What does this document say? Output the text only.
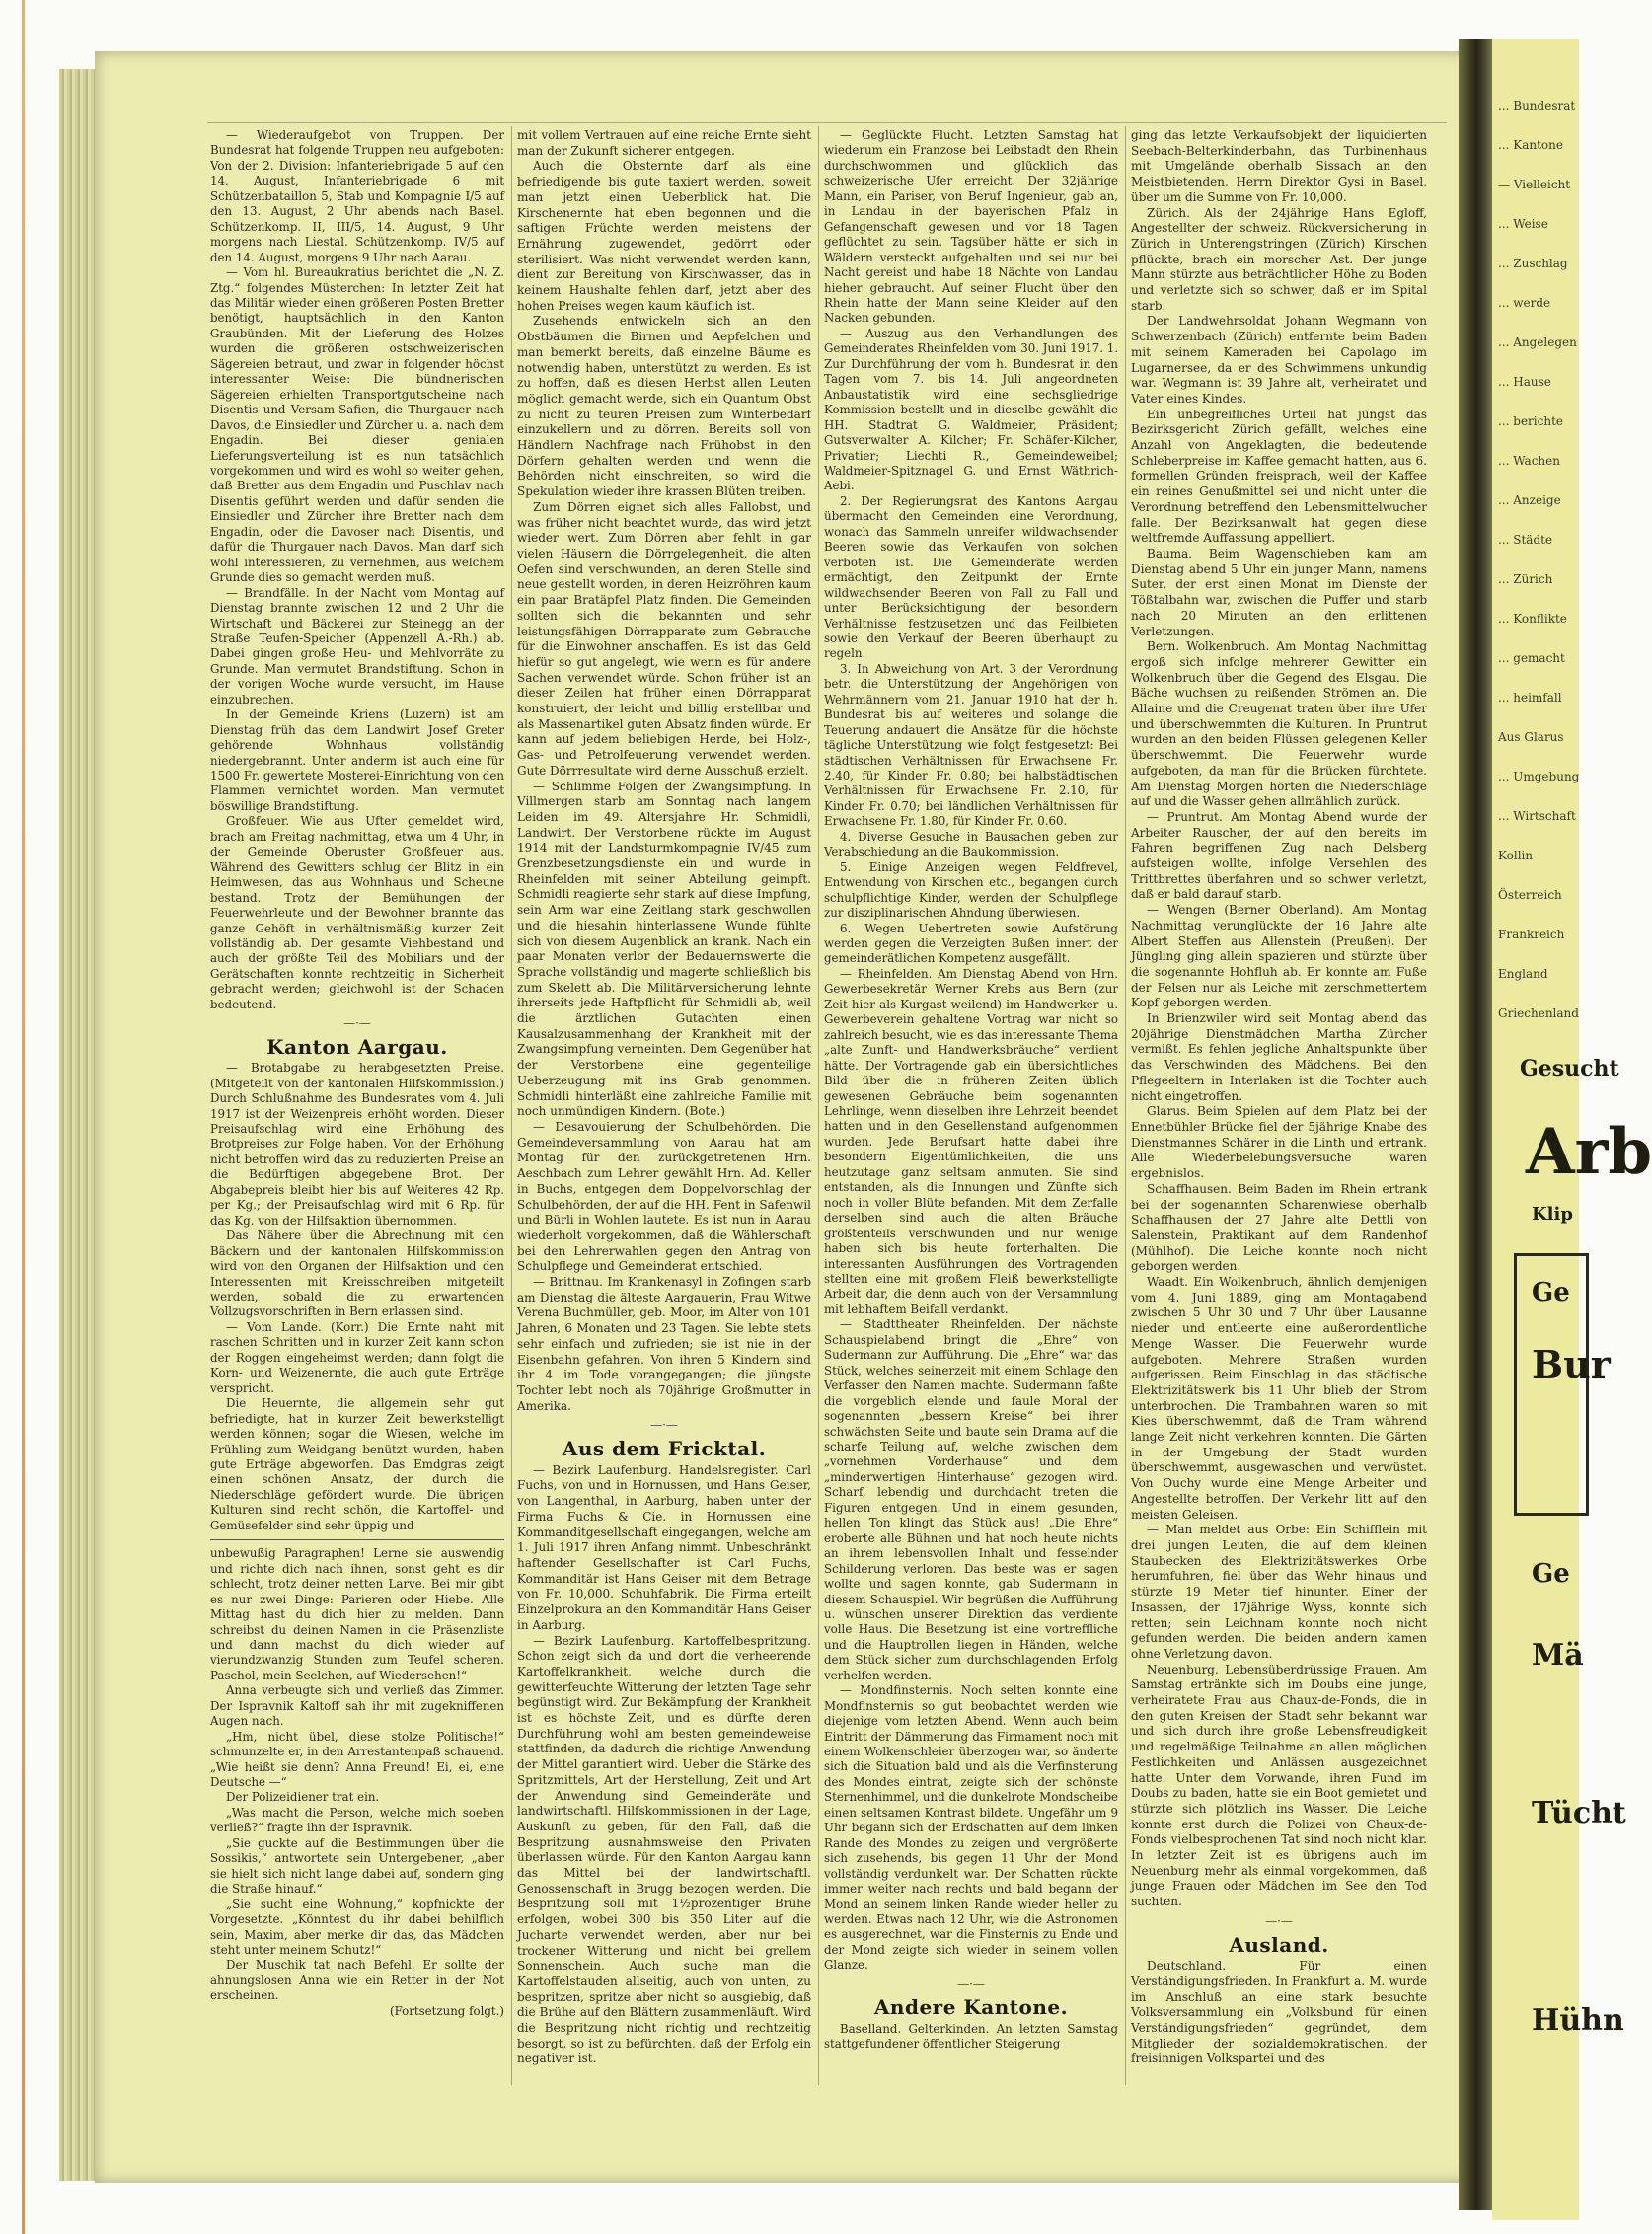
— Wiederaufgebot von Truppen. Der Bundesrat hat folgende Truppen neu aufgeboten: Von der 2. Division: Infanteriebrigade 5 auf den 14. August, Infanteriebrigade 6 mit Schützenbataillon 5, Stab und Kompagnie I/5 auf den 13. August, 2 Uhr abends nach Basel. Schützenkomp. II, III/5, 14. August, 9 Uhr morgens nach Liestal. Schützenkomp. IV/5 auf den 14. August, morgens 9 Uhr nach Aarau.

— Vom hl. Bureaukratius berichtet die „N. Z. Ztg.“ folgendes Müsterchen: In letzter Zeit hat das Militär wieder einen größeren Posten Bretter benötigt, hauptsächlich in den Kanton Graubünden. Mit der Lieferung des Holzes wurden die größeren ostschweizerischen Sägereien betraut, und zwar in folgender höchst interessanter Weise: Die bündnerischen Sägereien erhielten Transportgutscheine nach Disentis und Versam-Safien, die Thurgauer nach Davos, die Einsiedler und Zürcher u. a. nach dem Engadin. Bei dieser genialen Lieferungsverteilung ist es nun tatsächlich vorgekommen und wird es wohl so weiter gehen, daß Bretter aus dem Engadin und Puschlav nach Disentis geführt werden und dafür senden die Einsiedler und Zürcher ihre Bretter nach dem Engadin, oder die Davoser nach Disentis, und dafür die Thurgauer nach Davos. Man darf sich wohl interessieren, zu vernehmen, aus welchem Grunde dies so gemacht werden muß.

— Brandfälle. In der Nacht vom Montag auf Dienstag brannte zwischen 12 und 2 Uhr die Wirtschaft und Bäckerei zur Steinegg an der Straße Teufen-Speicher (Appenzell A.-Rh.) ab. Dabei gingen große Heu- und Mehlvorräte zu Grunde. Man vermutet Brandstiftung. Schon in der vorigen Woche wurde versucht, im Hause einzubrechen.

In der Gemeinde Kriens (Luzern) ist am Dienstag früh das dem Landwirt Josef Greter gehörende Wohnhaus vollständig niedergebrannt. Unter anderm ist auch eine für 1500 Fr. gewertete Mosterei-Einrichtung von den Flammen vernichtet worden. Man vermutet böswillige Brandstiftung.

Großfeuer. Wie aus Ufter gemeldet wird, brach am Freitag nachmittag, etwa um 4 Uhr, in der Gemeinde Oberuster Großfeuer aus. Während des Gewitters schlug der Blitz in ein Heimwesen, das aus Wohnhaus und Scheune bestand. Trotz der Bemühungen der Feuerwehrleute und der Bewohner brannte das ganze Gehöft in verhältnismäßig kurzer Zeit vollständig ab. Der gesamte Viehbestand und auch der größte Teil des Mobiliars und der Gerätschaften konnte rechtzeitig in Sicherheit gebracht werden; gleichwohl ist der Schaden bedeutend.

—·—
Kanton Aargau.

— Brotabgabe zu herabgesetzten Preise. (Mitgeteilt von der kantonalen Hilfskommission.) Durch Schlußnahme des Bundesrates vom 4. Juli 1917 ist der Weizenpreis erhöht worden. Dieser Preisaufschlag wird eine Erhöhung des Brotpreises zur Folge haben. Von der Erhöhung nicht betroffen wird das zu reduzierten Preise an die Bedürftigen abgegebene Brot. Der Abgabepreis bleibt hier bis auf Weiteres 42 Rp. per Kg.; der Preisaufschlag wird mit 6 Rp. für das Kg. von der Hilfsaktion übernommen.

Das Nähere über die Abrechnung mit den Bäckern und der kantonalen Hilfskommission wird von den Organen der Hilfsaktion und den Interessenten mit Kreisschreiben mitgeteilt werden, sobald die zu erwartenden Vollzugsvorschriften in Bern erlassen sind.

— Vom Lande. (Korr.) Die Ernte naht mit raschen Schritten und in kurzer Zeit kann schon der Roggen eingeheimst werden; dann folgt die Korn- und Weizenernte, die auch gute Erträge verspricht.

Die Heuernte, die allgemein sehr gut befriedigte, hat in kurzer Zeit bewerkstelligt werden können; sogar die Wiesen, welche im Frühling zum Weidgang benützt wurden, haben gute Erträge abgeworfen. Das Emdgras zeigt einen schönen Ansatz, der durch die Niederschläge gefördert wurde. Die übrigen Kulturen sind recht schön, die Kartoffel- und Gemüsefelder sind sehr üppig und

unbewußig Paragraphen! Lerne sie auswendig und richte dich nach ihnen, sonst geht es dir schlecht, trotz deiner netten Larve. Bei mir gibt es nur zwei Dinge: Parieren oder Hiebe. Alle Mittag hast du dich hier zu melden. Dann schreibst du deinen Namen in die Präsenzliste und dann machst du dich wieder auf vierundzwanzig Stunden zum Teufel scheren. Paschol, mein Seelchen, auf Wiedersehen!“

Anna verbeugte sich und verließ das Zimmer. Der Ispravnik Kaltoff sah ihr mit zugekniffenen Augen nach.

„Hm, nicht übel, diese stolze Politische!“ schmunzelte er, in den Arrestantenpaß schauend. „Wie heißt sie denn? Anna Freund! Ei, ei, eine Deutsche —“

Der Polizeidiener trat ein.

„Was macht die Person, welche mich soeben verließ?“ fragte ihn der Ispravnik.

„Sie guckte auf die Bestimmungen über die Sossikis,“ antwortete sein Untergebener, „aber sie hielt sich nicht lange dabei auf, sondern ging die Straße hinauf.“

„Sie sucht eine Wohnung,“ kopfnickte der Vorgesetzte. „Könntest du ihr dabei behilflich sein, Maxim, aber merke dir das, das Mädchen steht unter meinem Schutz!“

Der Muschik tat nach Befehl. Er sollte der ahnungslosen Anna wie ein Retter in der Not erscheinen.

(Fortsetzung folgt.)

mit vollem Vertrauen auf eine reiche Ernte sieht man der Zukunft sicherer entgegen.

Auch die Obsternte darf als eine befriedigende bis gute taxiert werden, soweit man jetzt einen Ueberblick hat. Die Kirschenernte hat eben begonnen und die saftigen Früchte werden meistens der Ernährung zugewendet, gedörrt oder sterilisiert. Was nicht verwendet werden kann, dient zur Bereitung von Kirschwasser, das in keinem Haushalte fehlen darf, jetzt aber des hohen Preises wegen kaum käuflich ist.

Zusehends entwickeln sich an den Obstbäumen die Birnen und Aepfelchen und man bemerkt bereits, daß einzelne Bäume es notwendig haben, unterstützt zu werden. Es ist zu hoffen, daß es diesen Herbst allen Leuten möglich gemacht werde, sich ein Quantum Obst zu nicht zu teuren Preisen zum Winterbedarf einzukellern und zu dörren. Bereits soll von Händlern Nachfrage nach Frühobst in den Dörfern gehalten werden und wenn die Behörden nicht einschreiten, so wird die Spekulation wieder ihre krassen Blüten treiben.

Zum Dörren eignet sich alles Fallobst, und was früher nicht beachtet wurde, das wird jetzt wieder wert. Zum Dörren aber fehlt in gar vielen Häusern die Dörrgelegenheit, die alten Oefen sind verschwunden, an deren Stelle sind neue gestellt worden, in deren Heizröhren kaum ein paar Bratäpfel Platz finden. Die Gemeinden sollten sich die bekannten und sehr leistungsfähigen Dörrapparate zum Gebrauche für die Einwohner anschaffen. Es ist das Geld hiefür so gut angelegt, wie wenn es für andere Sachen verwendet würde. Schon früher ist an dieser Zeilen hat früher einen Dörrapparat konstruiert, der leicht und billig erstellbar und als Massenartikel guten Absatz finden würde. Er kann auf jedem beliebigen Herde, bei Holz-, Gas- und Petrolfeuerung verwendet werden. Gute Dörrresultate wird derne Ausschuß erzielt.

— Schlimme Folgen der Zwangsimpfung. In Villmergen starb am Sonntag nach langem Leiden im 49. Altersjahre Hr. Schmidli, Landwirt. Der Verstorbene rückte im August 1914 mit der Landsturmkompagnie IV/45 zum Grenzbesetzungsdienste ein und wurde in Rheinfelden mit seiner Abteilung geimpft. Schmidli reagierte sehr stark auf diese Impfung, sein Arm war eine Zeitlang stark geschwollen und die hiesahin hinterlassene Wunde fühlte sich von diesem Augenblick an krank. Nach ein paar Monaten verlor der Bedauernswerte die Sprache vollständig und magerte schließlich bis zum Skelett ab. Die Militärversicherung lehnte ihrerseits jede Haftpflicht für Schmidli ab, weil die ärztlichen Gutachten einen Kausalzusammenhang der Krankheit mit der Zwangsimpfung verneinten. Dem Gegenüber hat der Verstorbene eine gegenteilige Ueberzeugung mit ins Grab genommen. Schmidli hinterläßt eine zahlreiche Familie mit noch unmündigen Kindern. (Bote.)

— Desavouierung der Schulbehörden. Die Gemeindeversammlung von Aarau hat am Montag für den zurückgetretenen Hrn. Aeschbach zum Lehrer gewählt Hrn. Ad. Keller in Buchs, entgegen dem Doppelvorschlag der Schulbehörden, der auf die HH. Fent in Safenwil und Bürli in Wohlen lautete. Es ist nun in Aarau wiederholt vorgekommen, daß die Wählerschaft bei den Lehrerwahlen gegen den Antrag von Schulpflege und Gemeinderat entschied.

— Brittnau. Im Krankenasyl in Zofingen starb am Dienstag die älteste Aargauerin, Frau Witwe Verena Buchmüller, geb. Moor, im Alter von 101 Jahren, 6 Monaten und 23 Tagen. Sie lebte stets sehr einfach und zufrieden; sie ist nie in der Eisenbahn gefahren. Von ihren 5 Kindern sind ihr 4 im Tode vorangegangen; die jüngste Tochter lebt noch als 70jährige Großmutter in Amerika.

—·—
Aus dem Fricktal.

— Bezirk Laufenburg. Handelsregister. Carl Fuchs, von und in Hornussen, und Hans Geiser, von Langenthal, in Aarburg, haben unter der Firma Fuchs & Cie. in Hornussen eine Kommanditgesellschaft eingegangen, welche am 1. Juli 1917 ihren Anfang nimmt. Unbeschränkt haftender Gesellschafter ist Carl Fuchs, Kommanditär ist Hans Geiser mit dem Betrage von Fr. 10,000. Schuhfabrik. Die Firma erteilt Einzelprokura an den Kommanditär Hans Geiser in Aarburg.

— Bezirk Laufenburg. Kartoffelbespritzung. Schon zeigt sich da und dort die verheerende Kartoffelkrankheit, welche durch die gewitterfeuchte Witterung der letzten Tage sehr begünstigt wird. Zur Bekämpfung der Krankheit ist es höchste Zeit, und es dürfte deren Durchführung wohl am besten gemeindeweise stattfinden, da dadurch die richtige Anwendung der Mittel garantiert wird. Ueber die Stärke des Spritzmittels, Art der Herstellung, Zeit und Art der Anwendung sind Gemeinderäte und landwirtschaftl. Hilfskommissionen in der Lage, Auskunft zu geben, für den Fall, daß die Bespritzung ausnahmsweise den Privaten überlassen würde. Für den Kanton Aargau kann das Mittel bei der landwirtschaftl. Genossenschaft in Brugg bezogen werden. Die Bespritzung soll mit 1½prozentiger Brühe erfolgen, wobei 300 bis 350 Liter auf die Jucharte verwendet werden, aber nur bei trockener Witterung und nicht bei grellem Sonnenschein. Auch suche man die Kartoffelstauden allseitig, auch von unten, zu bespritzen, spritze aber nicht so ausgiebig, daß die Brühe auf den Blättern zusammenläuft. Wird die Bespritzung nicht richtig und rechtzeitig besorgt, so ist zu befürchten, daß der Erfolg ein negativer ist.

— Geglückte Flucht. Letzten Samstag hat wiederum ein Franzose bei Leibstadt den Rhein durchschwommen und glücklich das schweizerische Ufer erreicht. Der 32jährige Mann, ein Pariser, von Beruf Ingenieur, gab an, in Landau in der bayerischen Pfalz in Gefangenschaft gewesen und vor 18 Tagen geflüchtet zu sein. Tagsüber hätte er sich in Wäldern versteckt aufgehalten und sei nur bei Nacht gereist und habe 18 Nächte von Landau hieher gebraucht. Auf seiner Flucht über den Rhein hatte der Mann seine Kleider auf den Nacken gebunden.

— Auszug aus den Verhandlungen des Gemeinderates Rheinfelden vom 30. Juni 1917. 1. Zur Durchführung der vom h. Bundesrat in den Tagen vom 7. bis 14. Juli angeordneten Anbaustatistik wird eine sechsgliedrige Kommission bestellt und in dieselbe gewählt die HH. Stadtrat G. Waldmeier, Präsident; Gutsverwalter A. Kilcher; Fr. Schäfer-Kilcher, Privatier; Liechti R., Gemeindeweibel; Waldmeier-Spitznagel G. und Ernst Wäthrich-Aebi.

2. Der Regierungsrat des Kantons Aargau übermacht den Gemeinden eine Verordnung, wonach das Sammeln unreifer wildwachsender Beeren sowie das Verkaufen von solchen verboten ist. Die Gemeinderäte werden ermächtigt, den Zeitpunkt der Ernte wildwachsender Beeren von Fall zu Fall und unter Berücksichtigung der besondern Verhältnisse festzusetzen und das Feilbieten sowie den Verkauf der Beeren überhaupt zu regeln.

3. In Abweichung von Art. 3 der Verordnung betr. die Unterstützung der Angehörigen von Wehrmännern vom 21. Januar 1910 hat der h. Bundesrat bis auf weiteres und solange die Teuerung andauert die Ansätze für die höchste tägliche Unterstützung wie folgt festgesetzt: Bei städtischen Verhältnissen für Erwachsene Fr. 2.40, für Kinder Fr. 0.80; bei halbstädtischen Verhältnissen für Erwachsene Fr. 2.10, für Kinder Fr. 0.70; bei ländlichen Verhältnissen für Erwachsene Fr. 1.80, für Kinder Fr. 0.60.

4. Diverse Gesuche in Bausachen geben zur Verabschiedung an die Baukommission.

5. Einige Anzeigen wegen Feldfrevel, Entwendung von Kirschen etc., begangen durch schulpflichtige Kinder, werden der Schulpflege zur disziplinarischen Ahndung überwiesen.

6. Wegen Uebertreten sowie Aufstörung werden gegen die Verzeigten Bußen innert der gemeinderätlichen Kompetenz ausgefällt.

— Rheinfelden. Am Dienstag Abend von Hrn. Gewerbesekretär Werner Krebs aus Bern (zur Zeit hier als Kurgast weilend) im Handwerker- u. Gewerbeverein gehaltene Vortrag war nicht so zahlreich besucht, wie es das interessante Thema „alte Zunft- und Handwerksbräuche“ verdient hätte. Der Vortragende gab ein übersichtliches Bild über die in früheren Zeiten üblich gewesenen Gebräuche beim sogenannten Lehrlinge, wenn dieselben ihre Lehrzeit beendet hatten und in den Gesellenstand aufgenommen wurden. Jede Berufsart hatte dabei ihre besondern Eigentümlichkeiten, die uns heutzutage ganz seltsam anmuten. Sie sind entstanden, als die Innungen und Zünfte sich noch in voller Blüte befanden. Mit dem Zerfalle derselben sind auch die alten Bräuche größtenteils verschwunden und nur wenige haben sich bis heute forterhalten. Die interessanten Ausführungen des Vortragenden stellten eine mit großem Fleiß bewerkstelligte Arbeit dar, die denn auch von der Versammlung mit lebhaftem Beifall verdankt.

— Stadttheater Rheinfelden. Der nächste Schauspielabend bringt die „Ehre“ von Sudermann zur Aufführung. Die „Ehre“ war das Stück, welches seinerzeit mit einem Schlage den Verfasser den Namen machte. Sudermann faßte die vorgeblich elende und faule Moral der sogenannten „bessern Kreise“ bei ihrer schwächsten Seite und baute sein Drama auf die scharfe Teilung auf, welche zwischen dem „vornehmen Vorderhause“ und dem „minderwertigen Hinterhause“ gezogen wird. Scharf, lebendig und durchdacht treten die Figuren entgegen. Und in einem gesunden, hellen Ton klingt das Stück aus! „Die Ehre“ eroberte alle Bühnen und hat noch heute nichts an ihrem lebensvollen Inhalt und fesselnder Schilderung verloren. Das beste was er sagen wollte und sagen konnte, gab Sudermann in diesem Schauspiel. Wir begrüßen die Aufführung u. wünschen unserer Direktion das verdiente volle Haus. Die Besetzung ist eine vortreffliche und die Hauptrollen liegen in Händen, welche dem Stück sicher zum durchschlagenden Erfolg verhelfen werden.

— Mondfinsternis. Noch selten konnte eine Mondfinsternis so gut beobachtet werden wie diejenige vom letzten Abend. Wenn auch beim Eintritt der Dämmerung das Firmament noch mit einem Wolkenschleier überzogen war, so änderte sich die Situation bald und als die Verfinsterung des Mondes eintrat, zeigte sich der schönste Sternenhimmel, und die dunkelrote Mondscheibe einen seltsamen Kontrast bildete. Ungefähr um 9 Uhr begann sich der Erdschatten auf dem linken Rande des Mondes zu zeigen und vergrößerte sich zusehends, bis gegen 11 Uhr der Mond vollständig verdunkelt war. Der Schatten rückte immer weiter nach rechts und bald begann der Mond an seinem linken Rande wieder heller zu werden. Etwas nach 12 Uhr, wie die Astronomen es ausgerechnet, war die Finsternis zu Ende und der Mond zeigte sich wieder in seinem vollen Glanze.

—·—
Andere Kantone.

Baselland. Gelterkinden. An letzten Samstag stattgefundener öffentlicher Steigerung

ging das letzte Verkaufsobjekt der liquidierten Seebach-Belterkinderbahn, das Turbinenhaus mit Umgelände oberhalb Sissach an den Meistbietenden, Herrn Direktor Gysi in Basel, über um die Summe von Fr. 10,000.

Zürich. Als der 24jährige Hans Egloff, Angestellter der schweiz. Rückversicherung in Zürich in Unterengstringen (Zürich) Kirschen pflückte, brach ein morscher Ast. Der junge Mann stürzte aus beträchtlicher Höhe zu Boden und verletzte sich so schwer, daß er im Spital starb.

Der Landwehrsoldat Johann Wegmann von Schwerzenbach (Zürich) entfernte beim Baden mit seinem Kameraden bei Capolago im Lugarnersee, da er des Schwimmens unkundig war. Wegmann ist 39 Jahre alt, verheiratet und Vater eines Kindes.

Ein unbegreifliches Urteil hat jüngst das Bezirksgericht Zürich gefällt, welches eine Anzahl von Angeklagten, die bedeutende Schleberpreise im Kaffee gemacht hatten, aus 6. formellen Gründen freisprach, weil der Kaffee ein reines Genußmittel sei und nicht unter die Verordnung betreffend den Lebensmittelwucher falle. Der Bezirksanwalt hat gegen diese weltfremde Auffassung appelliert.

Bauma. Beim Wagenschieben kam am Dienstag abend 5 Uhr ein junger Mann, namens Suter, der erst einen Monat im Dienste der Tößtalbahn war, zwischen die Puffer und starb nach 20 Minuten an den erlittenen Verletzungen.

Bern. Wolkenbruch. Am Montag Nachmittag ergoß sich infolge mehrerer Gewitter ein Wolkenbruch über die Gegend des Elsgau. Die Bäche wuchsen zu reißenden Strömen an. Die Allaine und die Creugenat traten über ihre Ufer und überschwemmten die Kulturen. In Pruntrut wurden an den beiden Flüssen gelegenen Keller überschwemmt. Die Feuerwehr wurde aufgeboten, da man für die Brücken fürchtete. Am Dienstag Morgen hörten die Niederschläge auf und die Wasser gehen allmählich zurück.

— Pruntrut. Am Montag Abend wurde der Arbeiter Rauscher, der auf den bereits im Fahren begriffenen Zug nach Delsberg aufsteigen wollte, infolge Versehlen des Trittbrettes überfahren und so schwer verletzt, daß er bald darauf starb.

— Wengen (Berner Oberland). Am Montag Nachmittag verunglückte der 16 Jahre alte Albert Steffen aus Allenstein (Preußen). Der Jüngling ging allein spazieren und stürzte über die sogenannte Hohfluh ab. Er konnte am Fuße der Felsen nur als Leiche mit zerschmettertem Kopf geborgen werden.

In Brienzwiler wird seit Montag abend das 20jährige Dienstmädchen Martha Zürcher vermißt. Es fehlen jegliche Anhaltspunkte über das Verschwinden des Mädchens. Bei den Pflegeeltern in Interlaken ist die Tochter auch nicht eingetroffen.

Glarus. Beim Spielen auf dem Platz bei der Ennetbühler Brücke fiel der 5jährige Knabe des Dienstmannes Schärer in die Linth und ertrank. Alle Wiederbelebungsversuche waren ergebnislos.

Schaffhausen. Beim Baden im Rhein ertrank bei der sogenannten Scharenwiese oberhalb Schaffhausen der 27 Jahre alte Dettli von Salenstein, Praktikant auf dem Randenhof (Mühlhof). Die Leiche konnte noch nicht geborgen werden.

Waadt. Ein Wolkenbruch, ähnlich demjenigen vom 4. Juni 1889, ging am Montagabend zwischen 5 Uhr 30 und 7 Uhr über Lausanne nieder und entleerte eine außerordentliche Menge Wasser. Die Feuerwehr wurde aufgeboten. Mehrere Straßen wurden aufgerissen. Beim Einschlag in das städtische Elektrizitätswerk bis 11 Uhr blieb der Strom unterbrochen. Die Trambahnen waren so mit Kies überschwemmt, daß die Tram während lange Zeit nicht verkehren konnten. Die Gärten in der Umgebung der Stadt wurden überschwemmt, ausgewaschen und verwüstet. Von Ouchy wurde eine Menge Arbeiter und Angestellte betroffen. Der Verkehr litt auf den meisten Geleisen.

— Man meldet aus Orbe: Ein Schifflein mit drei jungen Leuten, die auf dem kleinen Staubecken des Elektrizitätswerkes Orbe herumfuhren, fiel über das Wehr hinaus und stürzte 19 Meter tief hinunter. Einer der Insassen, der 17jährige Wyss, konnte sich retten; sein Leichnam konnte noch nicht gefunden werden. Die beiden andern kamen ohne Verletzung davon.

Neuenburg. Lebensüberdrüssige Frauen. Am Samstag ertränkte sich im Doubs eine junge, verheiratete Frau aus Chaux-de-Fonds, die in den guten Kreisen der Stadt sehr bekannt war und sich durch ihre große Lebensfreudigkeit und regelmäßige Teilnahme an allen möglichen Festlichkeiten und Anlässen ausgezeichnet hatte. Unter dem Vorwande, ihren Fund im Doubs zu baden, hatte sie ein Boot gemietet und stürzte sich plötzlich ins Wasser. Die Leiche konnte erst durch die Polizei von Chaux-de-Fonds vielbesprochenen Tat sind noch nicht klar. In letzter Zeit ist es übrigens auch im Neuenburg mehr als einmal vorgekommen, daß junge Frauen oder Mädchen im See den Tod suchten.

—·—
Ausland.

Deutschland. Für einen Verständigungsfrieden. In Frankfurt a. M. wurde im Anschluß an eine stark besuchte Volksversammlung ein „Volksbund für einen Verständigungsfrieden“ gegründet, dem Mitglieder der sozialdemokratischen, der freisinnigen Volkspartei und des

... Bundesrat
... Kantone
— Vielleicht
... Weise
... Zuschlag
... werde
... Angelegen
... Hause
... berichte
... Wachen
... Anzeige
... Städte
... Zürich
... Konflikte
... gemacht
... heimfall
Aus Glarus
... Umgebung
... Wirtschaft
Kollin
Österreich
Frankreich
England
Griechenland
Gesucht
Arb
Klip
Ge
Bur
Ge
Mä
Tücht
Hühn
